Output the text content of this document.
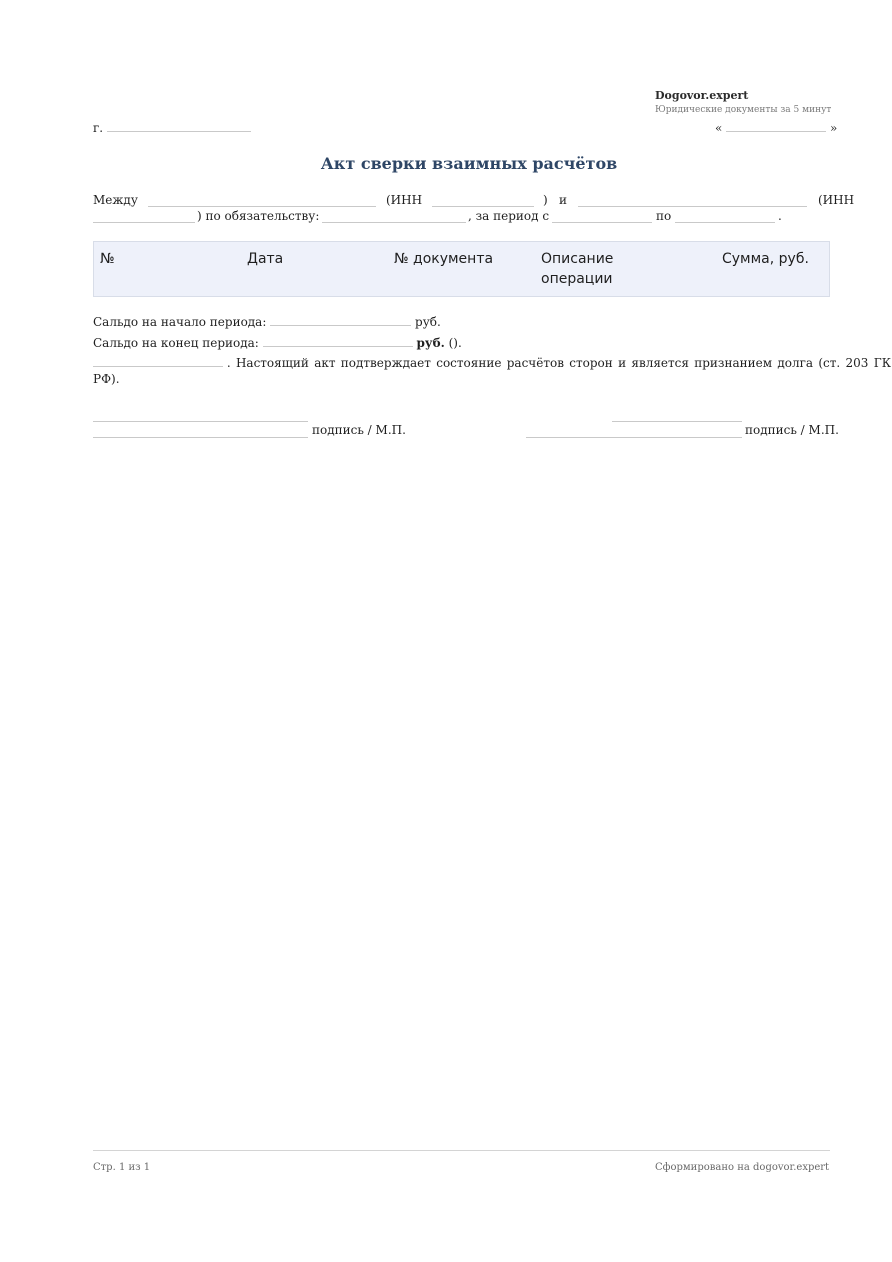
Dogovor.expert
Юридические документы за 5 минут
г.	«	»
Акт сверки взаимных расчётов
Между	(ИНН	) и	(ИНН
) по обязательству:	, за период с	по	.
№	Дата	№ документа	Описание операции	Сумма, руб.
Сальдо на начало периода:	руб.
Сальдо на конец периода:	руб. ().
. Настоящий акт подтверждает состояние расчётов сторон и является признанием долга (ст. 203 ГК
РФ).
подпись / М.П.	подпись / М.П.
Стр. 1 из 1	Сформировано на dogovor.expert
